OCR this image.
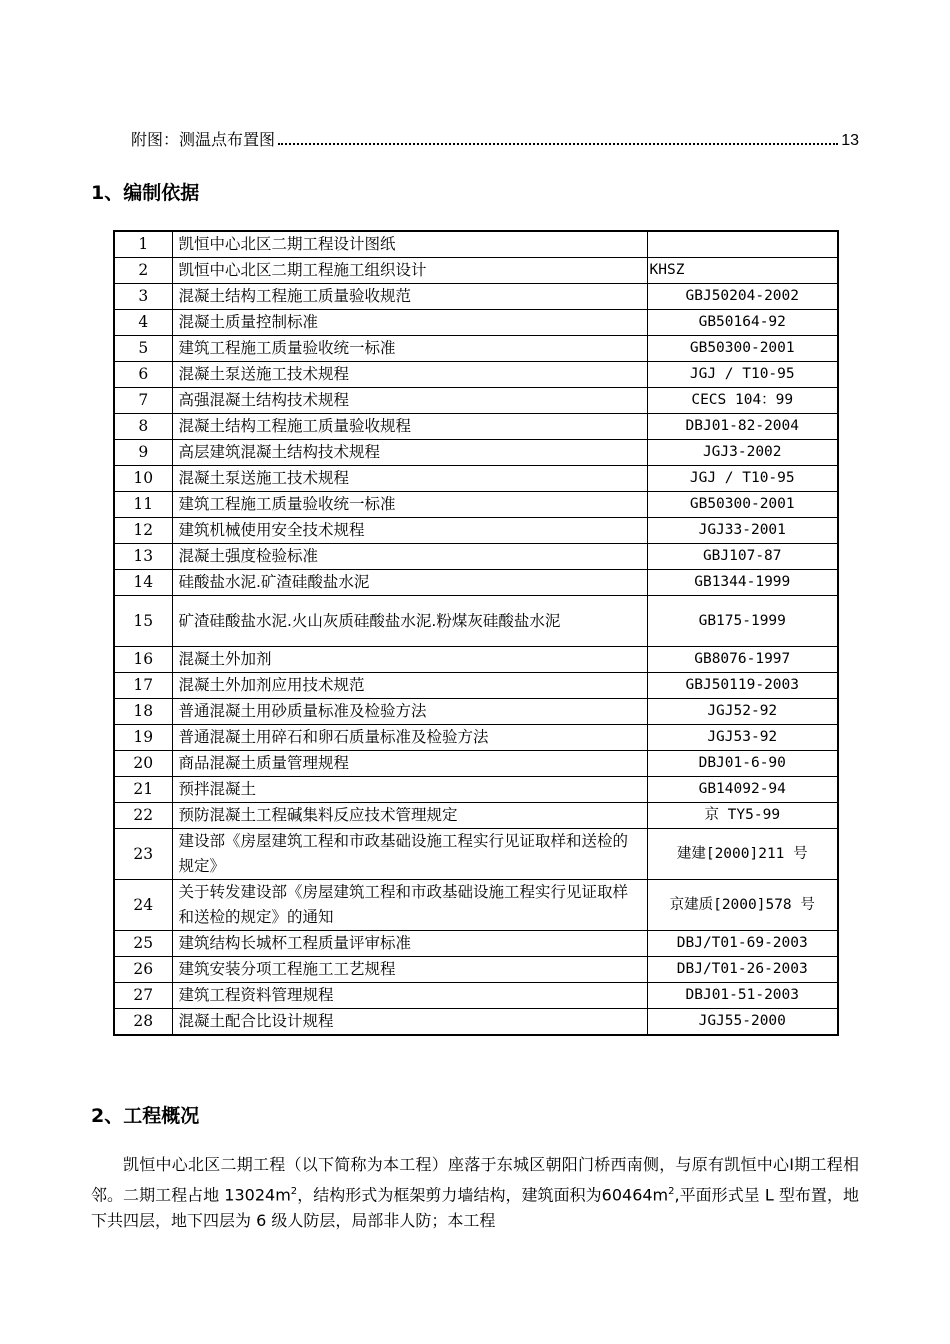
附图：测温点布置图	13
1、编制依据
1	凯恒中心北区二期工程设计图纸	
2	凯恒中心北区二期工程施工组织设计	KHSZ
3	混凝土结构工程施工质量验收规范	GBJ50204-2002
4	混凝土质量控制标准	GB50164-92
5	建筑工程施工质量验收统一标准	GB50300-2001
6	混凝土泵送施工技术规程	JGJ / T10-95
7	高强混凝土结构技术规程	CECS 104：99
8	混凝土结构工程施工质量验收规程	DBJ01-82-2004
9	高层建筑混凝土结构技术规程	JGJ3-2002
10	混凝土泵送施工技术规程	JGJ / T10-95
11	建筑工程施工质量验收统一标准	GB50300-2001
12	建筑机械使用安全技术规程	JGJ33-2001
13	混凝土强度检验标准	GBJ107-87
14	硅酸盐水泥.矿渣硅酸盐水泥	GB1344-1999
15	矿渣硅酸盐水泥.火山灰质硅酸盐水泥.粉煤灰硅酸盐水泥	GB175-1999
16	混凝土外加剂	GB8076-1997
17	混凝土外加剂应用技术规范	GBJ50119-2003
18	普通混凝土用砂质量标准及检验方法	JGJ52-92
19	普通混凝土用碎石和卵石质量标准及检验方法	JGJ53-92
20	商品混凝土质量管理规程	DBJ01-6-90
21	预拌混凝土	GB14092-94
22	预防混凝土工程碱集料反应技术管理规定	京 TY5-99
23	建设部《房屋建筑工程和市政基础设施工程实行见证取样和送检的规定》	建建[2000]211 号
24	关于转发建设部《房屋建筑工程和市政基础设施工程实行见证取样和送检的规定》的通知	京建质[2000]578 号
25	建筑结构长城杯工程质量评审标准	DBJ/T01-69-2003
26	建筑安装分项工程施工工艺规程	DBJ/T01-26-2003
27	建筑工程资料管理规程	DBJ01-51-2003
28	混凝土配合比设计规程	JGJ55-2000
2、工程概况

凯恒中心北区二期工程（以下简称为本工程）座落于东城区朝阳门桥西南侧，与原有凯恒中心Ⅰ期工程相邻。二期工程占地 $13024m^2$，结构形式为框架剪力墙结构，建筑面积为$60464m^2$,平面形式呈 L 型布置，地下共四层，地下四层为 6 级人防层，局部非人防；本工程
